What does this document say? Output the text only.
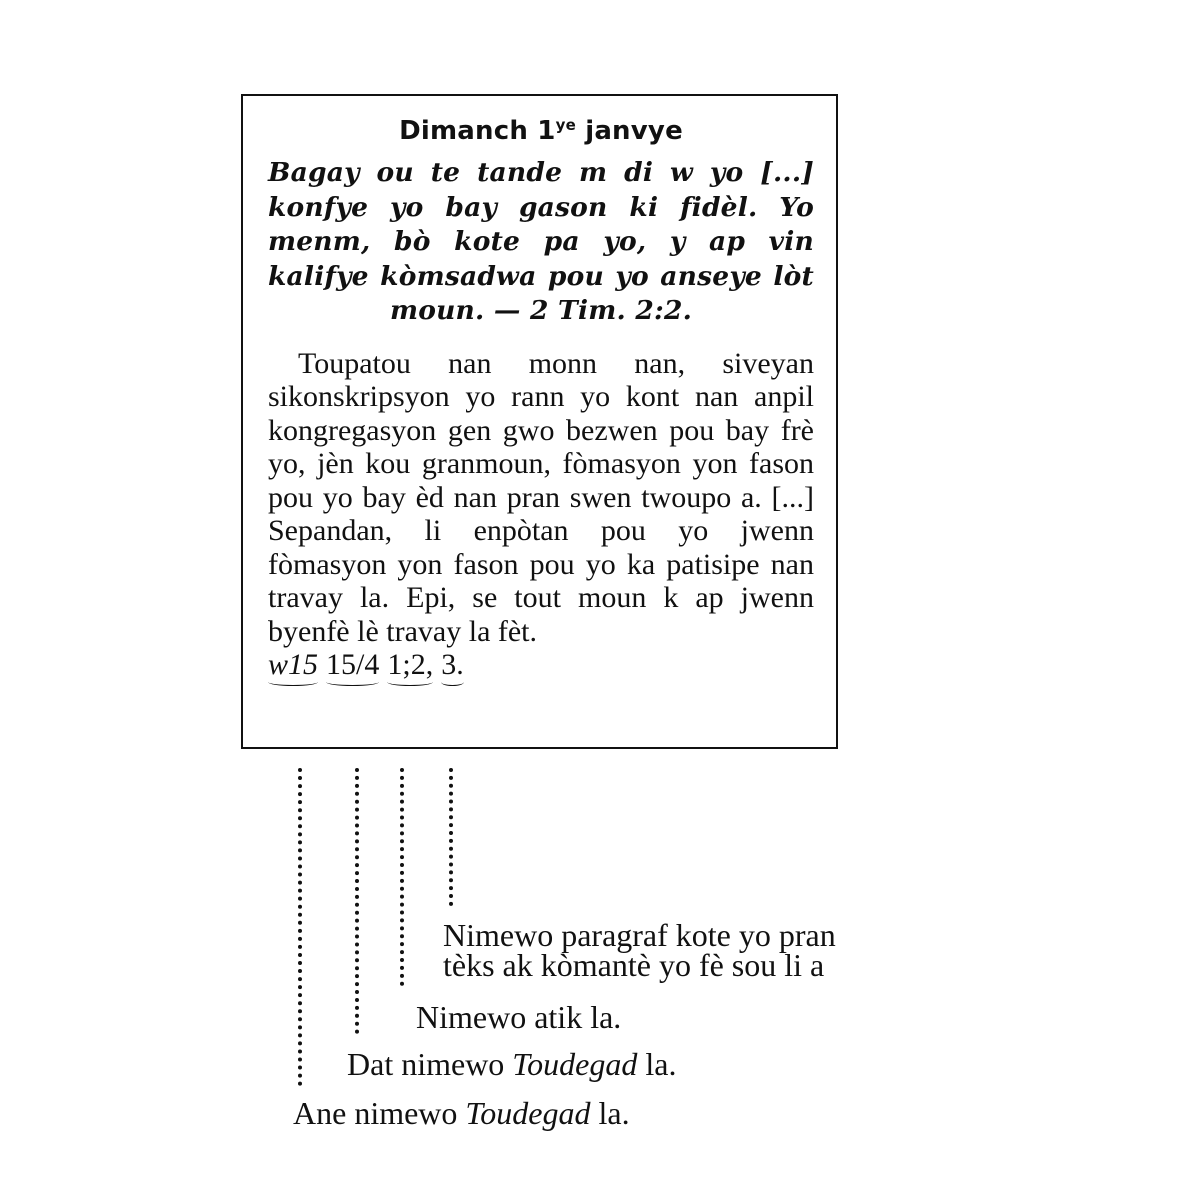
Dimanch $1^{ye}$ janvye

Bagay ou te tande m di w yo [...] konfye yo bay gason ki fidèl. Yo menm, bò kote pa yo, y ap vin kalifye kòmsadwa pou yo anseye lòt moun. — 2 Tim. 2:2.

Toupatou nan monn nan, siveyan sikonskripsyon yo rann yo kont nan anpil kongregasyon gen gwo bezwen pou bay frè yo, jèn kou granmoun, fòmasyon yon fason pou yo bay èd nan pran swen twoupo a. [...] Sepandan, li enpòtan pou yo jwenn fòmasyon yon fason pou yo ka patisipe nan travay la. Epi, se tout moun k ap jwenn byenfè lè travay la fèt.

w15 15/4 1;2, 3.
Nimewo paragraf kote yo pran
tèks ak kòmantè yo fè sou li a
Nimewo atik la.
Dat nimewo Toudegad la.
Ane nimewo Toudegad la.
